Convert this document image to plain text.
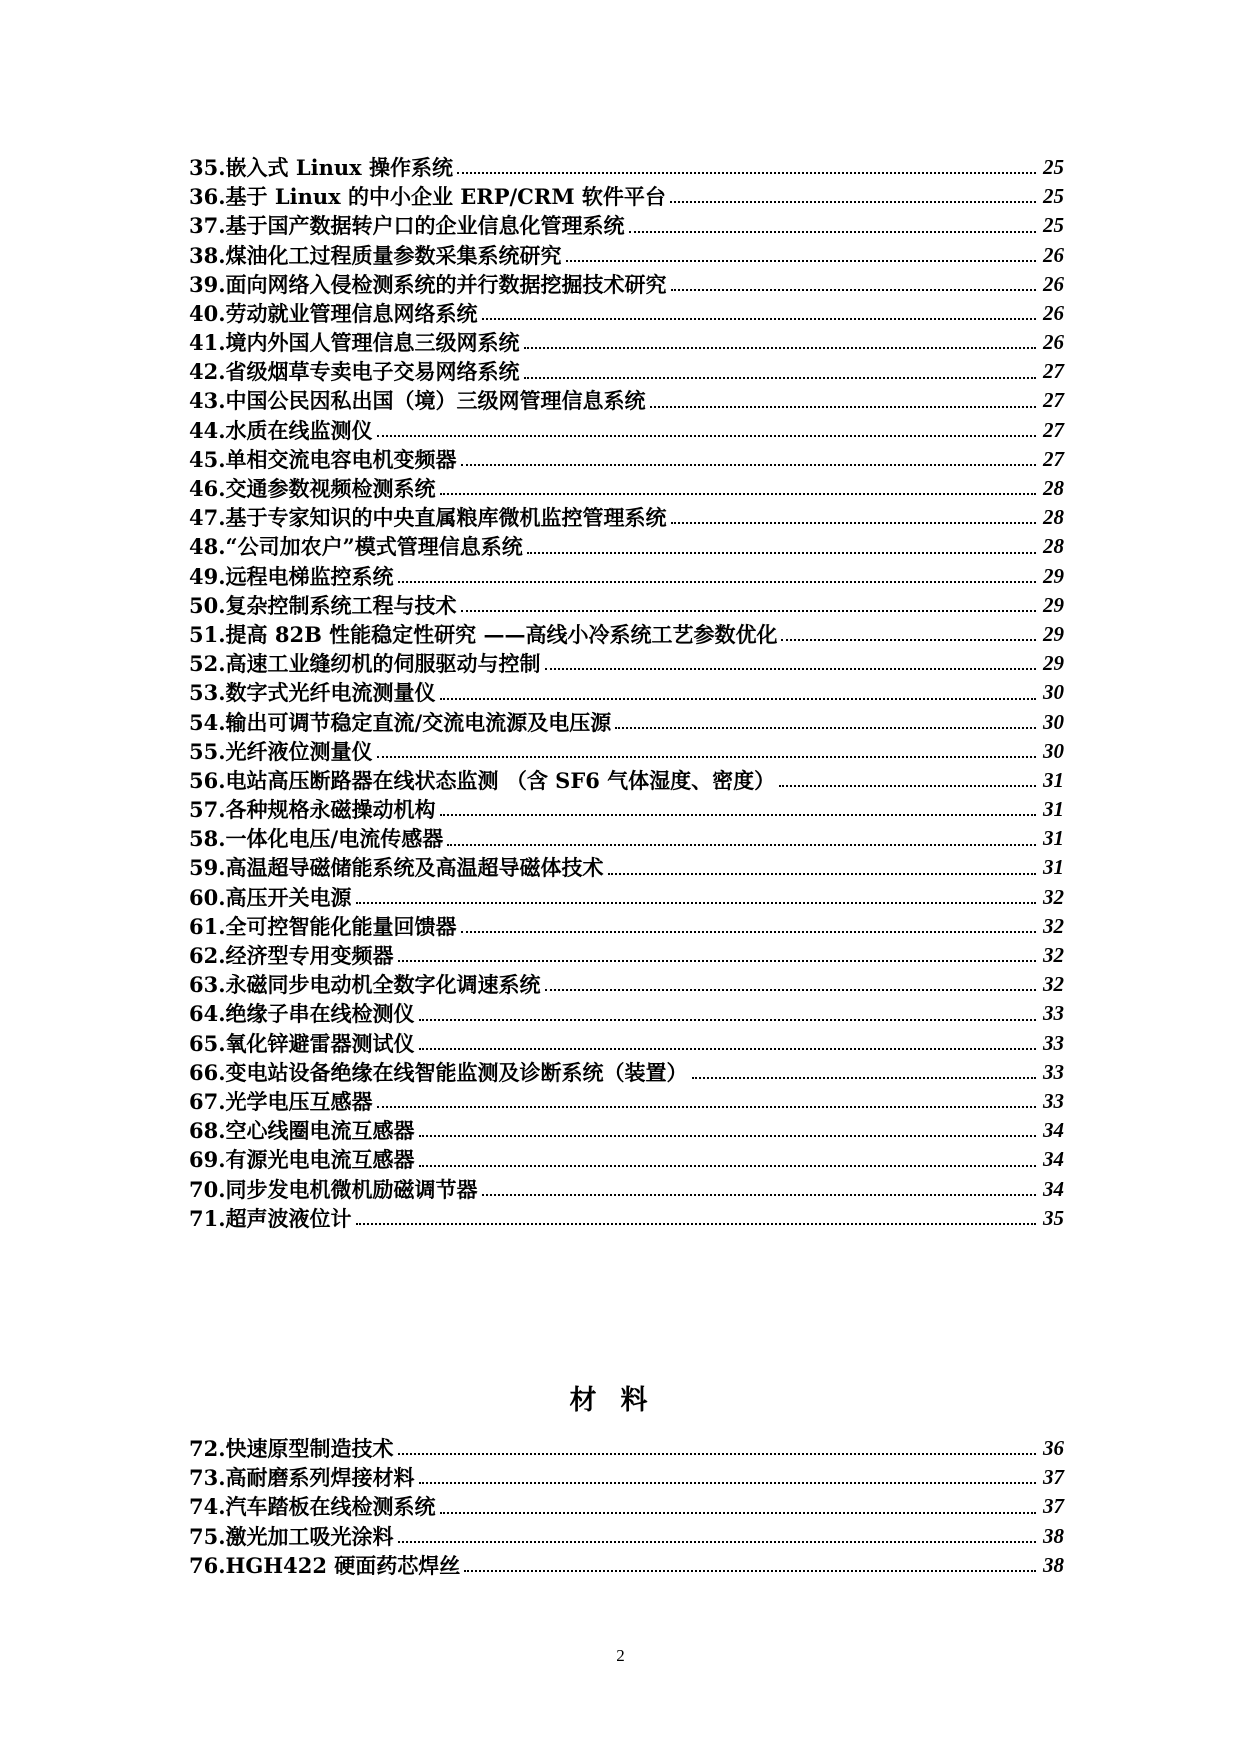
35.嵌入式 Linux 操作系统	25
36.基于 Linux 的中小企业 ERP/CRM 软件平台	25
37.基于国产数据转户口的企业信息化管理系统	25
38.煤油化工过程质量参数采集系统研究	26
39.面向网络入侵检测系统的并行数据挖掘技术研究	26
40.劳动就业管理信息网络系统	26
41.境内外国人管理信息三级网系统	26
42.省级烟草专卖电子交易网络系统	27
43.中国公民因私出国（境）三级网管理信息系统	27
44.水质在线监测仪	27
45.单相交流电容电机变频器	27
46.交通参数视频检测系统	28
47.基于专家知识的中央直属粮库微机监控管理系统	28
48.“公司加农户”模式管理信息系统	28
49.远程电梯监控系统	29
50.复杂控制系统工程与技术	29
51.提高 82B 性能稳定性研究 ——高线小冷系统工艺参数优化	29
52.高速工业缝纫机的伺服驱动与控制	29
53.数字式光纤电流测量仪	30
54.输出可调节稳定直流/交流电流源及电压源	30
55.光纤液位测量仪	30
56.电站高压断路器在线状态监测 （含 SF6 气体湿度、密度）	31
57.各种规格永磁操动机构	31
58.一体化电压/电流传感器	31
59.高温超导磁储能系统及高温超导磁体技术	31
60.高压开关电源	32
61.全可控智能化能量回馈器	32
62.经济型专用变频器	32
63.永磁同步电动机全数字化调速系统	32
64.绝缘子串在线检测仪	33
65.氧化锌避雷器测试仪	33
66.变电站设备绝缘在线智能监测及诊断系统（装置）	33
67.光学电压互感器	33
68.空心线圈电流互感器	34
69.有源光电电流互感器	34
70.同步发电机微机励磁调节器	34
71.超声波液位计	35
材料
72.快速原型制造技术	36
73.高耐磨系列焊接材料	37
74.汽车踏板在线检测系统	37
75.激光加工吸光涂料	38
76.HGH422 硬面药芯焊丝	38
2
